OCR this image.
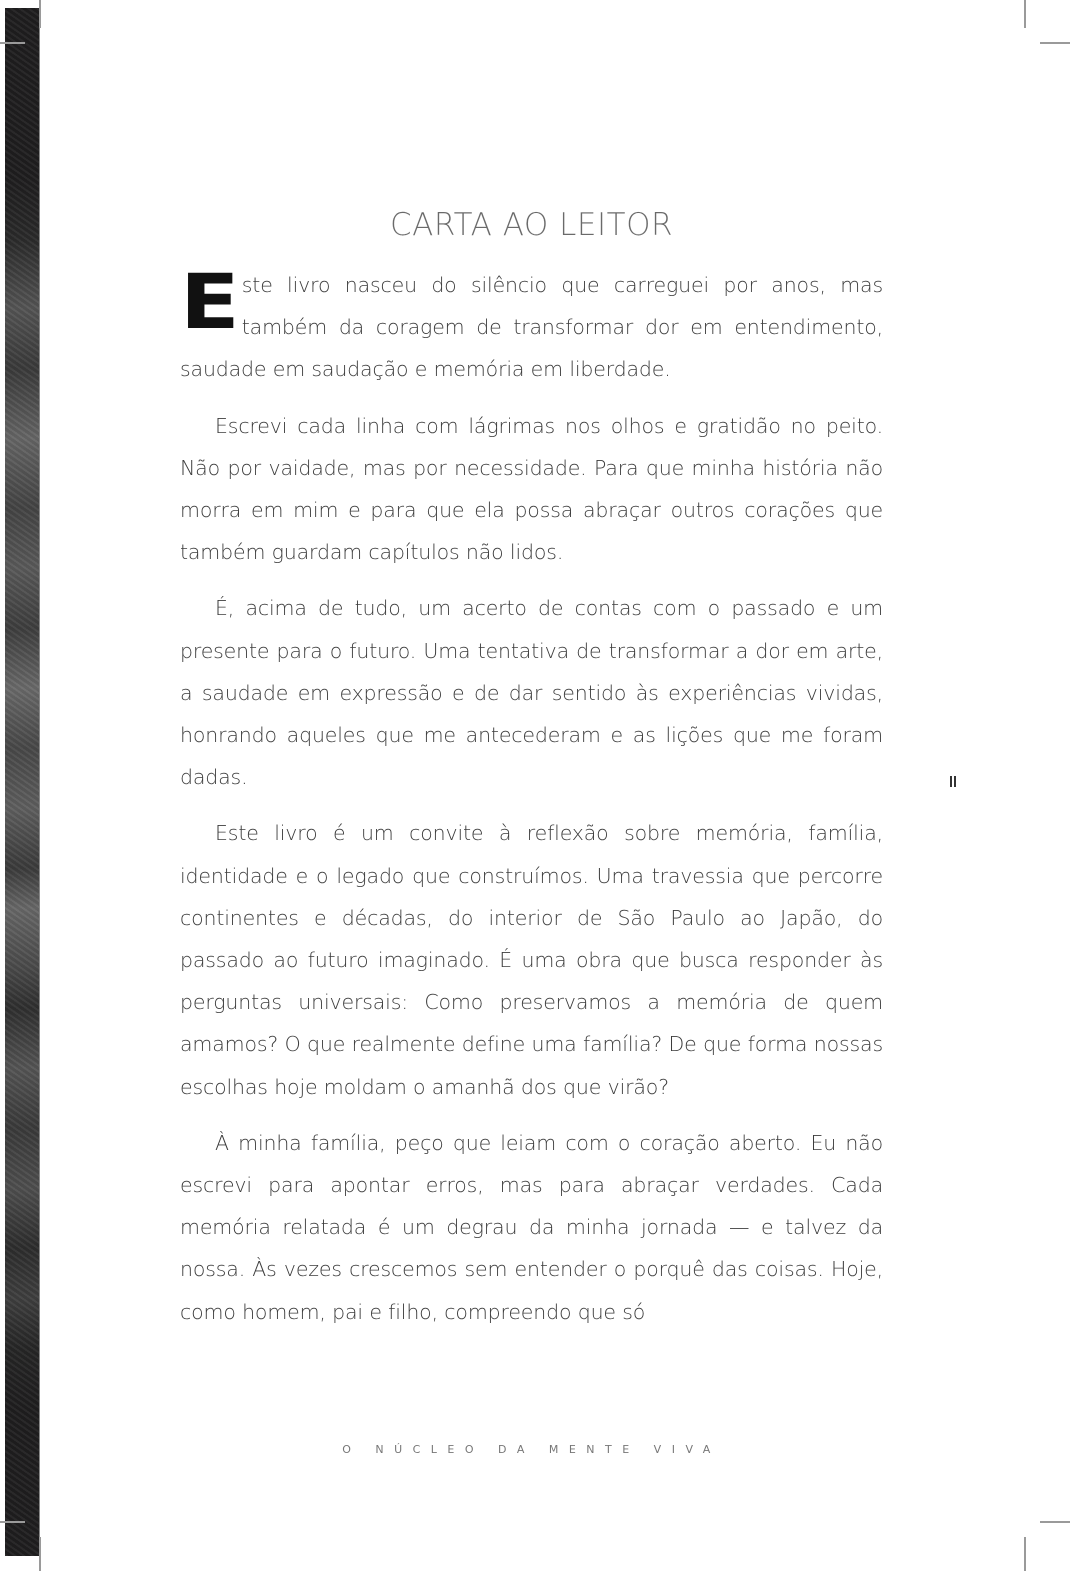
CARTA AO LEITOR

Este livro nasceu do silêncio que carreguei por anos, mas também da coragem de transformar dor em entendimento, saudade em saudação e memória em liberdade.

Escrevi cada linha com lágrimas nos olhos e gratidão no peito. Não por vaidade, mas por necessidade. Para que minha história não morra em mim e para que ela possa abraçar outros corações que também guardam capítulos não lidos.

É, acima de tudo, um acerto de contas com o passado e um presente para o futuro. Uma tentativa de transformar a dor em arte, a saudade em expressão e de dar sentido às experiências vividas, honrando aqueles que me antecederam e as lições que me foram dadas.

Este livro é um convite à reflexão sobre memória, família, identidade e o legado que construímos. Uma travessia que percorre continentes e décadas, do interior de São Paulo ao Japão, do passado ao futuro imaginado. É uma obra que busca responder às perguntas universais: Como preservamos a memória de quem amamos? O que realmente define uma família? De que forma nossas escolhas hoje moldam o amanhã dos que virão?

À minha família, peço que leiam com o coração aberto. Eu não escrevi para apontar erros, mas para abraçar verdades. Cada memória relatada é um degrau da minha jornada — e talvez da nossa. Às vezes crescemos sem entender o porquê das coisas. Hoje, como homem, pai e filho, compreendo que só

O NÚCLEO DA MENTE VIVA
